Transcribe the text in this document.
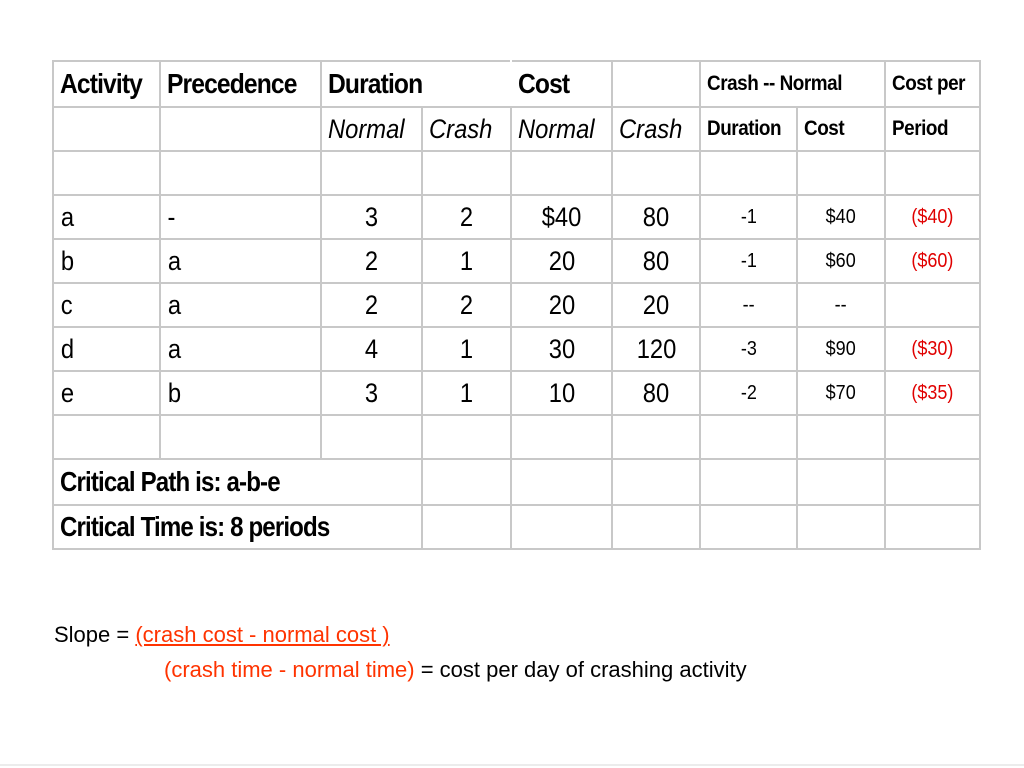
Activity	Precedence	Duration		Cost		Crash -- Normal		Cost per
		Normal	Crash	Normal	Crash	Duration	Cost	Period

a	-	3	2	$40	80	-1	$40	($40)
b	a	2	1	20	80	-1	$60	($60)
c	a	2	2	20	20	--	--	
d	a	4	1	30	120	-3	$90	($30)
e	b	3	1	10	80	-2	$70	($35)

Critical Path is: a-b-e								
Critical Time is: 8 periods								
Slope = (crash cost - normal cost )
(crash time - normal time) = cost per day of crashing activity
